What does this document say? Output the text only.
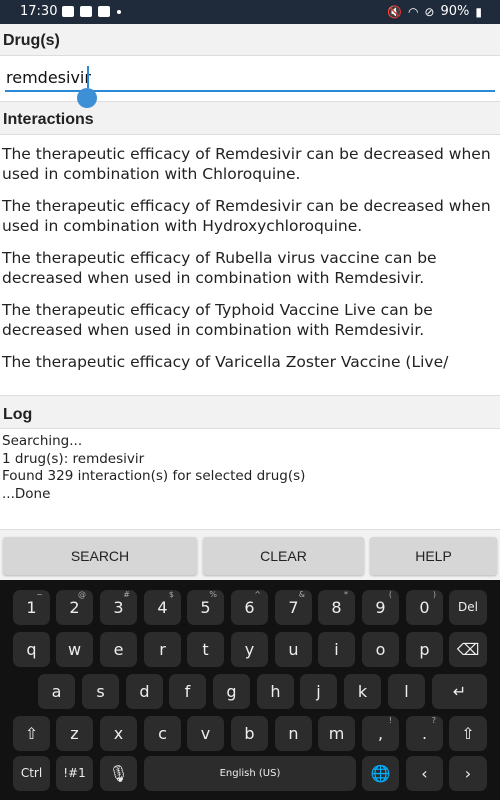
17:30	🔇 ◠ ⊘ 90% ▮
Drug(s)
remdesivir
Interactions
The therapeutic efficacy of Remdesivir can be decreased when used in combination with Chloroquine.
The therapeutic efficacy of Remdesivir can be decreased when used in combination with Hydroxychloroquine.
The therapeutic efficacy of Rubella virus vaccine can be decreased when used in combination with Remdesivir.
The therapeutic efficacy of Typhoid Vaccine Live can be decreased when used in combination with Remdesivir.
The therapeutic efficacy of Varicella Zoster Vaccine (Live/
Log
Searching...
1 drug(s): remdesivir
Found 329 interaction(s) for selected drug(s)
...Done
SEARCH	CLEAR	HELP
1
~
2
@
3
#
4
$
5
%
6
^
7
&
8
*
9
(
0
)
Del
q	w	e	r	t	y	u	i	o	p	⌫
a	s	d	f	g	h	j	k	l	↵
⇧	z	x	c	v	b	n	m	,
!
.
?
⇧
Ctrl	!#1	🎙	English (US)	🌐	‹	›
